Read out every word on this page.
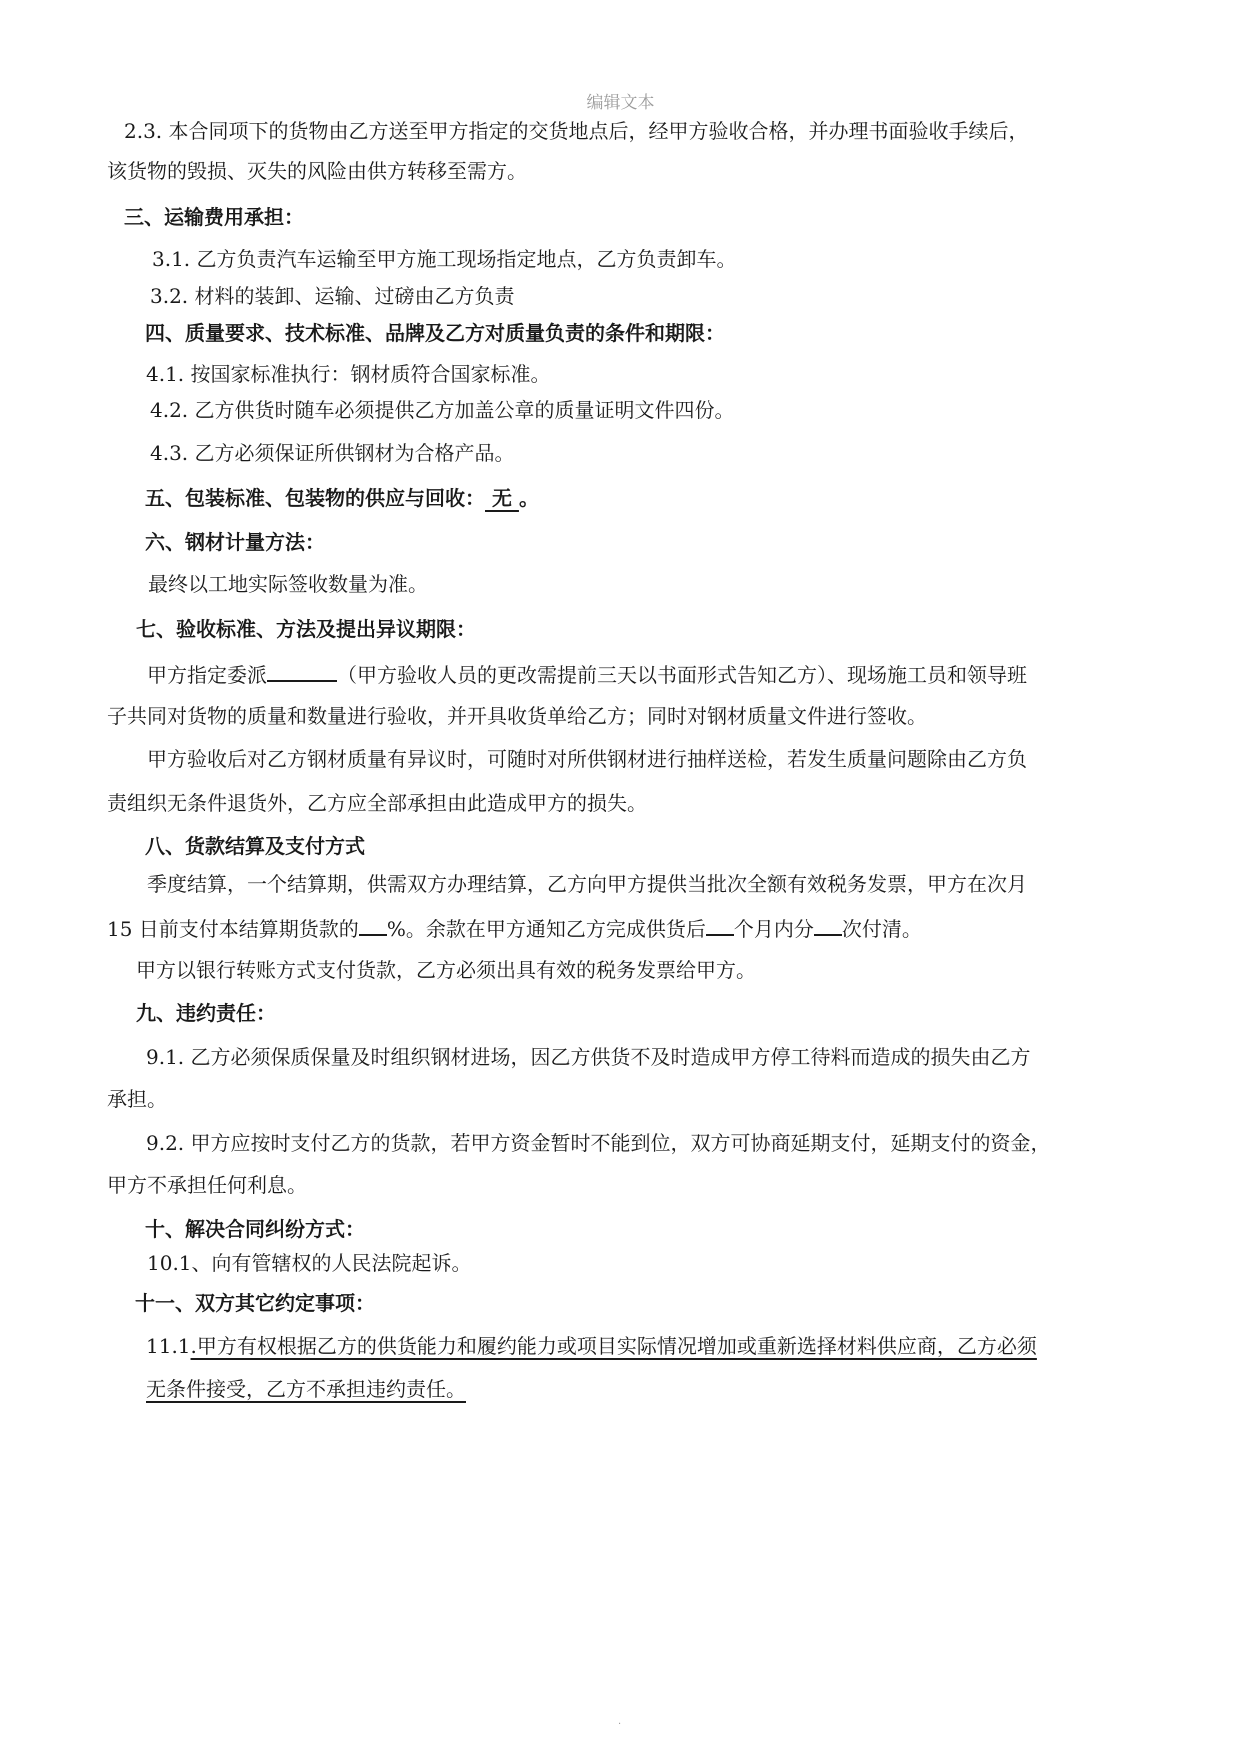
编辑文本
2.3. 本合同项下的货物由乙方送至甲方指定的交货地点后，经甲方验收合格，并办理书面验收手续后，
该货物的毁损、灭失的风险由供方转移至需方。
三、运输费用承担：
3.1. 乙方负责汽车运输至甲方施工现场指定地点，乙方负责卸车。
3.2. 材料的装卸、运输、过磅由乙方负责
四、质量要求、技术标准、品牌及乙方对质量负责的条件和期限：
4.1. 按国家标准执行：钢材质符合国家标准。
4.2. 乙方供货时随车必须提供乙方加盖公章的质量证明文件四份。
4.3. 乙方必须保证所供钢材为合格产品。
五、包装标准、包装物的供应与回收： 无 。
六、钢材计量方法：
最终以工地实际签收数量为准。
七、验收标准、方法及提出异议期限：
甲方指定委派	（甲方验收人员的更改需提前三天以书面形式告知乙方）、现场施工员和领导班
子共同对货物的质量和数量进行验收，并开具收货单给乙方；同时对钢材质量文件进行签收。
甲方验收后对乙方钢材质量有异议时，可随时对所供钢材进行抽样送检，若发生质量问题除由乙方负
责组织无条件退货外，乙方应全部承担由此造成甲方的损失。
八、货款结算及支付方式
季度结算，一个结算期，供需双方办理结算，乙方向甲方提供当批次全额有效税务发票，甲方在次月
15 日前支付本结算期货款的 %。余款在甲方通知乙方完成供货后 个月内分 次付清。
甲方以银行转账方式支付货款，乙方必须出具有效的税务发票给甲方。
九、违约责任：
9.1. 乙方必须保质保量及时组织钢材进场，因乙方供货不及时造成甲方停工待料而造成的损失由乙方
承担。
9.2. 甲方应按时支付乙方的货款，若甲方资金暂时不能到位，双方可协商延期支付，延期支付的资金，
甲方不承担任何利息。
十、解决合同纠纷方式：
10.1、向有管辖权的人民法院起诉。
十一、双方其它约定事项：
11.1.甲方有权根据乙方的供货能力和履约能力或项目实际情况增加或重新选择材料供应商，乙方必须
无条件接受，乙方不承担违约责任。
.
